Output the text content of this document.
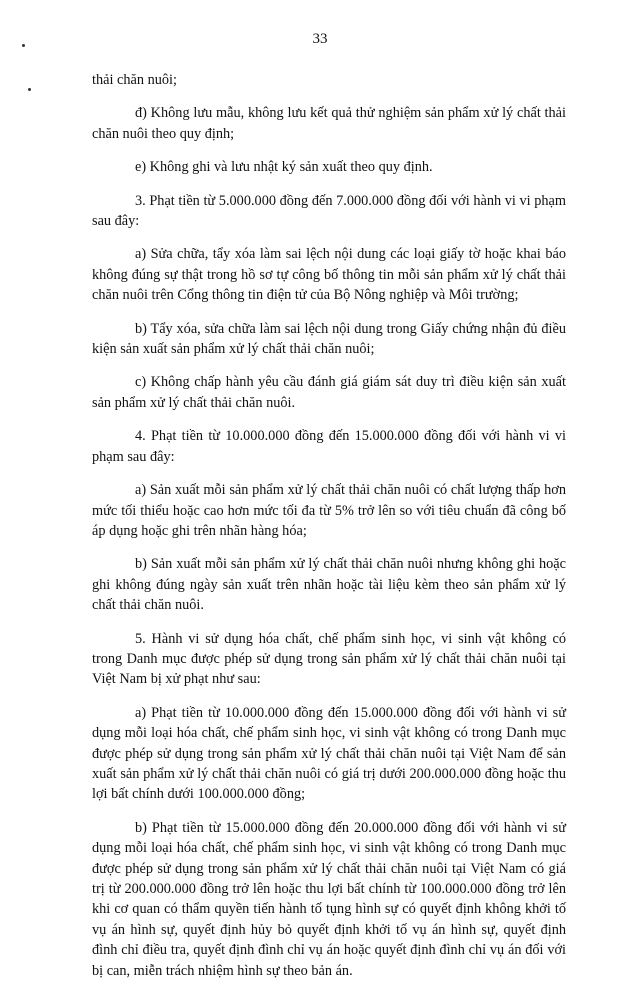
33

thải chăn nuôi;

đ) Không lưu mẫu, không lưu kết quả thử nghiệm sản phẩm xử lý chất thải chăn nuôi theo quy định;

e) Không ghi và lưu nhật ký sản xuất theo quy định.

3. Phạt tiền từ 5.000.000 đồng đến 7.000.000 đồng đối với hành vi vi phạm sau đây:

a) Sửa chữa, tẩy xóa làm sai lệch nội dung các loại giấy tờ hoặc khai báo không đúng sự thật trong hồ sơ tự công bố thông tin mỗi sản phẩm xử lý chất thải chăn nuôi trên Cổng thông tin điện tử của Bộ Nông nghiệp và Môi trường;

b) Tẩy xóa, sửa chữa làm sai lệch nội dung trong Giấy chứng nhận đủ điều kiện sản xuất sản phẩm xử lý chất thải chăn nuôi;

c) Không chấp hành yêu cầu đánh giá giám sát duy trì điều kiện sản xuất sản phẩm xử lý chất thải chăn nuôi.

4. Phạt tiền từ 10.000.000 đồng đến 15.000.000 đồng đối với hành vi vi phạm sau đây:

a) Sản xuất mỗi sản phẩm xử lý chất thải chăn nuôi có chất lượng thấp hơn mức tối thiểu hoặc cao hơn mức tối đa từ 5% trở lên so với tiêu chuẩn đã công bố áp dụng hoặc ghi trên nhãn hàng hóa;

b) Sản xuất mỗi sản phẩm xử lý chất thải chăn nuôi nhưng không ghi hoặc ghi không đúng ngày sản xuất trên nhãn hoặc tài liệu kèm theo sản phẩm xử lý chất thải chăn nuôi.

5. Hành vi sử dụng hóa chất, chế phẩm sinh học, vi sinh vật không có trong Danh mục được phép sử dụng trong sản phẩm xử lý chất thải chăn nuôi tại Việt Nam bị xử phạt như sau:

a) Phạt tiền từ 10.000.000 đồng đến 15.000.000 đồng đối với hành vi sử dụng mỗi loại hóa chất, chế phẩm sinh học, vi sinh vật không có trong Danh mục được phép sử dụng trong sản phẩm xử lý chất thải chăn nuôi tại Việt Nam để sản xuất sản phẩm xử lý chất thải chăn nuôi có giá trị dưới 200.000.000 đồng hoặc thu lợi bất chính dưới 100.000.000 đồng;

b) Phạt tiền từ 15.000.000 đồng đến 20.000.000 đồng đối với hành vi sử dụng mỗi loại hóa chất, chế phẩm sinh học, vi sinh vật không có trong Danh mục được phép sử dụng trong sản phẩm xử lý chất thải chăn nuôi tại Việt Nam có giá trị từ 200.000.000 đồng trở lên hoặc thu lợi bất chính từ 100.000.000 đồng trở lên khi cơ quan có thẩm quyền tiến hành tố tụng hình sự có quyết định không khởi tố vụ án hình sự, quyết định hủy bỏ quyết định khởi tố vụ án hình sự, quyết định đình chỉ điều tra, quyết định đình chỉ vụ án hoặc quyết định đình chỉ vụ án đối với bị can, miễn trách nhiệm hình sự theo bản án.
